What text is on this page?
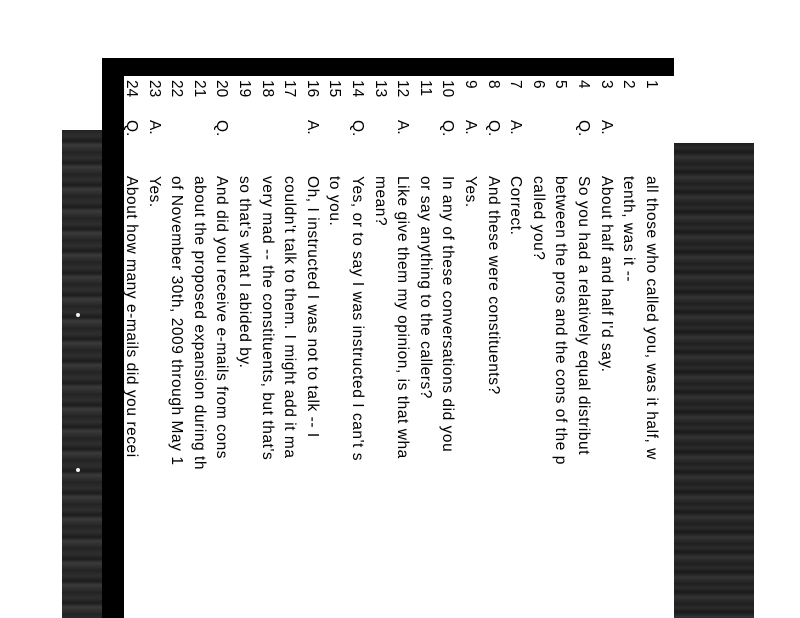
1
all those who called you, was it half, w
2
tenth, was it --
3
A.
About half and half I'd say.
4
Q.
So you had a relatively equal distribut
5
between the pros and the cons of the p
6
called you?
7
A.
Correct.
8
Q.
And these were constituents?
9
A.
Yes.
10
Q.
In any of these conversations did you
11
or say anything to the callers?
12
A.
Like give them my opinion, is that wha
13
mean?
14
Q.
Yes, or to say I was instructed I can't s
15
to you.
16
A.
Oh, I instructed I was not to talk -- I
17
couldn't talk to them. I might add it ma
18
very mad -- the constituents, but that's
19
so that's what I abided by.
20
Q.
And did you receive e-mails from cons
21
about the proposed expansion during th
22
of November 30th, 2009 through May 1
23
A.
Yes.
24
Q.
About how many e-mails did you recei
